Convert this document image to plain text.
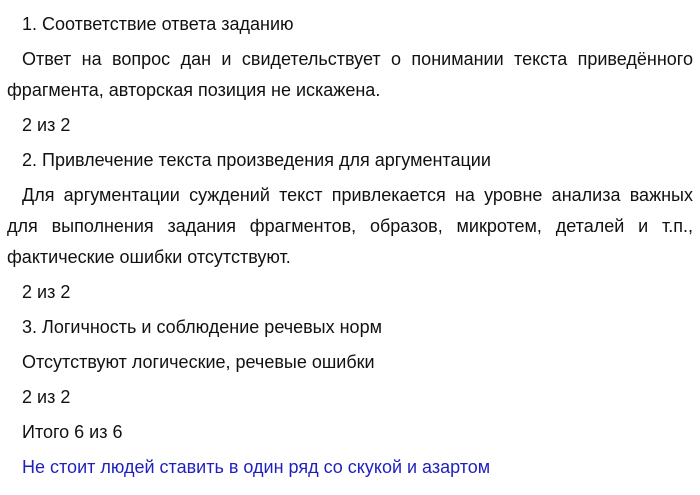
1. Соответствие ответа заданию

Ответ на вопрос дан и свидетельствует о понимании текста приведённого фрагмента, авторская позиция не искажена.

2 из 2

2. Привлечение текста произведения для аргументации

Для аргументации суждений текст привлекается на уровне анализа важных для выполнения задания фрагментов, образов, микротем, деталей и т.п., фактические ошибки отсутствуют.

2 из 2

3. Логичность и соблюдение речевых норм

Отсутствуют логические, речевые ошибки

2 из 2

Итого 6 из 6

Не стоит людей ставить в один ряд со скукой и азартом
